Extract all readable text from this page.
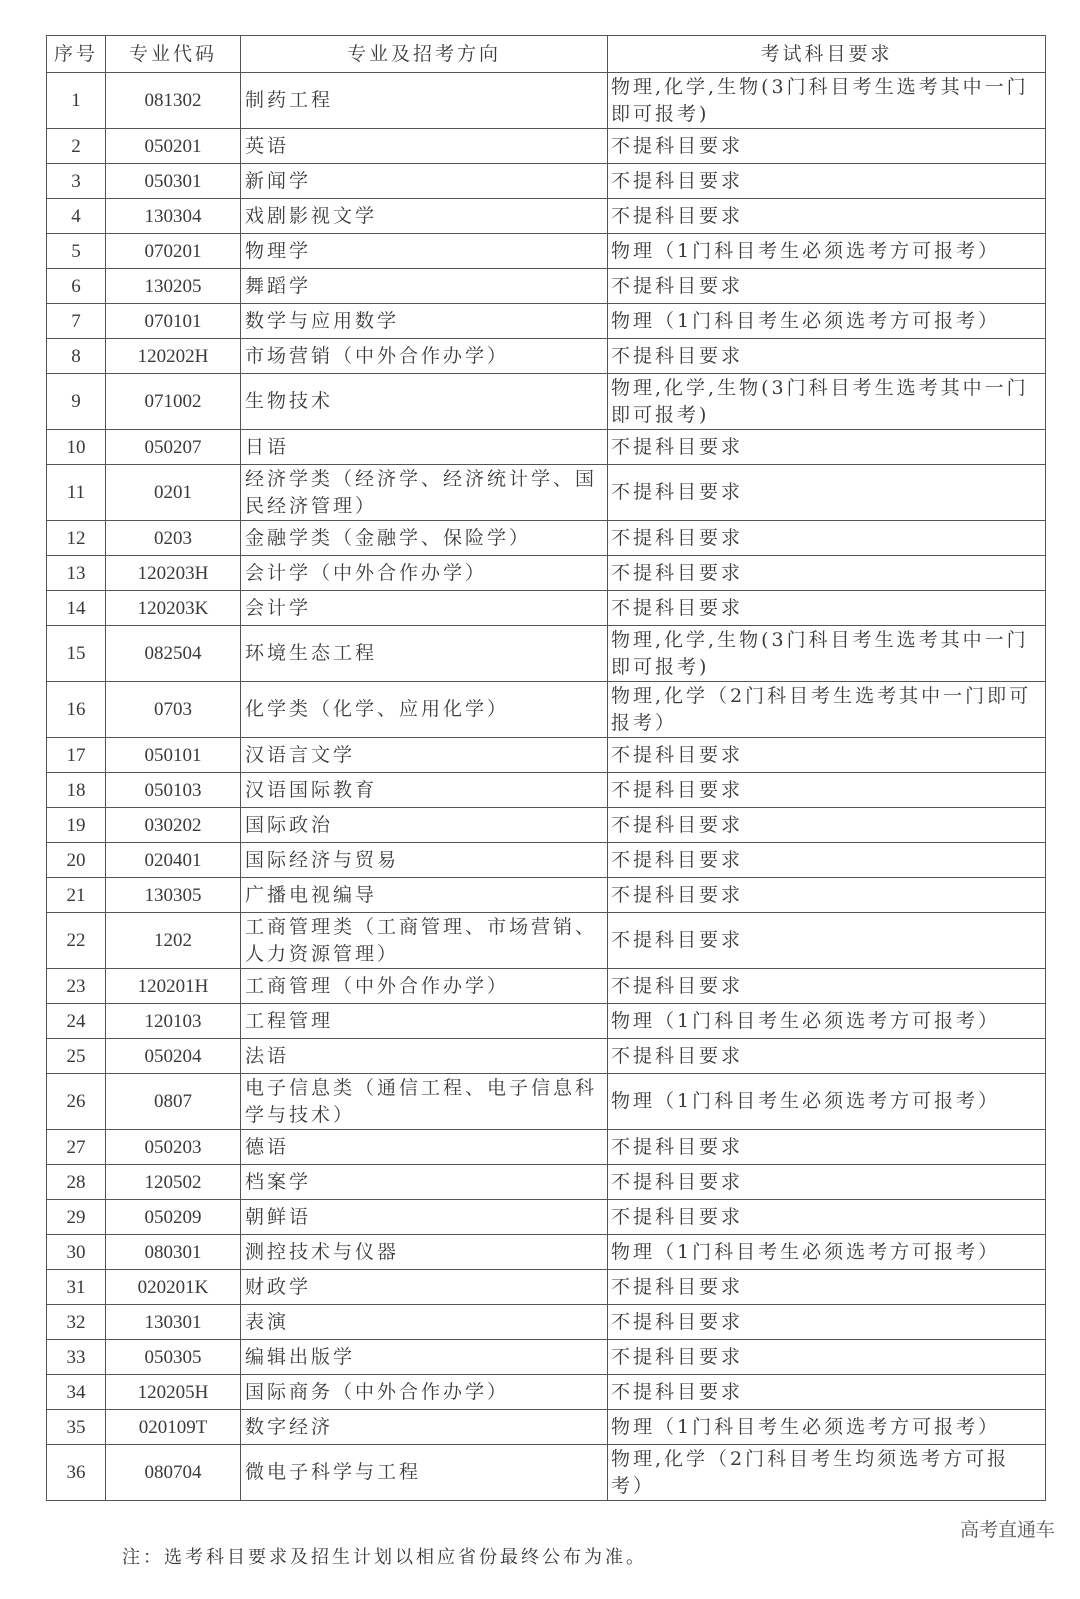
序号	专业代码	专业及招考方向	考试科目要求
1	081302	制药工程	物理,化学,生物(3门科目考生选考其中一门即可报考)
2	050201	英语	不提科目要求
3	050301	新闻学	不提科目要求
4	130304	戏剧影视文学	不提科目要求
5	070201	物理学	物理（1门科目考生必须选考方可报考）
6	130205	舞蹈学	不提科目要求
7	070101	数学与应用数学	物理（1门科目考生必须选考方可报考）
8	120202H	市场营销（中外合作办学）	不提科目要求
9	071002	生物技术	物理,化学,生物(3门科目考生选考其中一门即可报考)
10	050207	日语	不提科目要求
11	0201	经济学类（经济学、经济统计学、国民经济管理）	不提科目要求
12	0203	金融学类（金融学、保险学）	不提科目要求
13	120203H	会计学（中外合作办学）	不提科目要求
14	120203K	会计学	不提科目要求
15	082504	环境生态工程	物理,化学,生物(3门科目考生选考其中一门即可报考)
16	0703	化学类（化学、应用化学）	物理,化学（2门科目考生选考其中一门即可报考）
17	050101	汉语言文学	不提科目要求
18	050103	汉语国际教育	不提科目要求
19	030202	国际政治	不提科目要求
20	020401	国际经济与贸易	不提科目要求
21	130305	广播电视编导	不提科目要求
22	1202	工商管理类（工商管理、市场营销、人力资源管理）	不提科目要求
23	120201H	工商管理（中外合作办学）	不提科目要求
24	120103	工程管理	物理（1门科目考生必须选考方可报考）
25	050204	法语	不提科目要求
26	0807	电子信息类（通信工程、电子信息科学与技术）	物理（1门科目考生必须选考方可报考）
27	050203	德语	不提科目要求
28	120502	档案学	不提科目要求
29	050209	朝鲜语	不提科目要求
30	080301	测控技术与仪器	物理（1门科目考生必须选考方可报考）
31	020201K	财政学	不提科目要求
32	130301	表演	不提科目要求
33	050305	编辑出版学	不提科目要求
34	120205H	国际商务（中外合作办学）	不提科目要求
35	020109T	数字经济	物理（1门科目考生必须选考方可报考）
36	080704	微电子科学与工程	物理,化学（2门科目考生均须选考方可报考）
注：选考科目要求及招生计划以相应省份最终公布为准。
高考直通车
